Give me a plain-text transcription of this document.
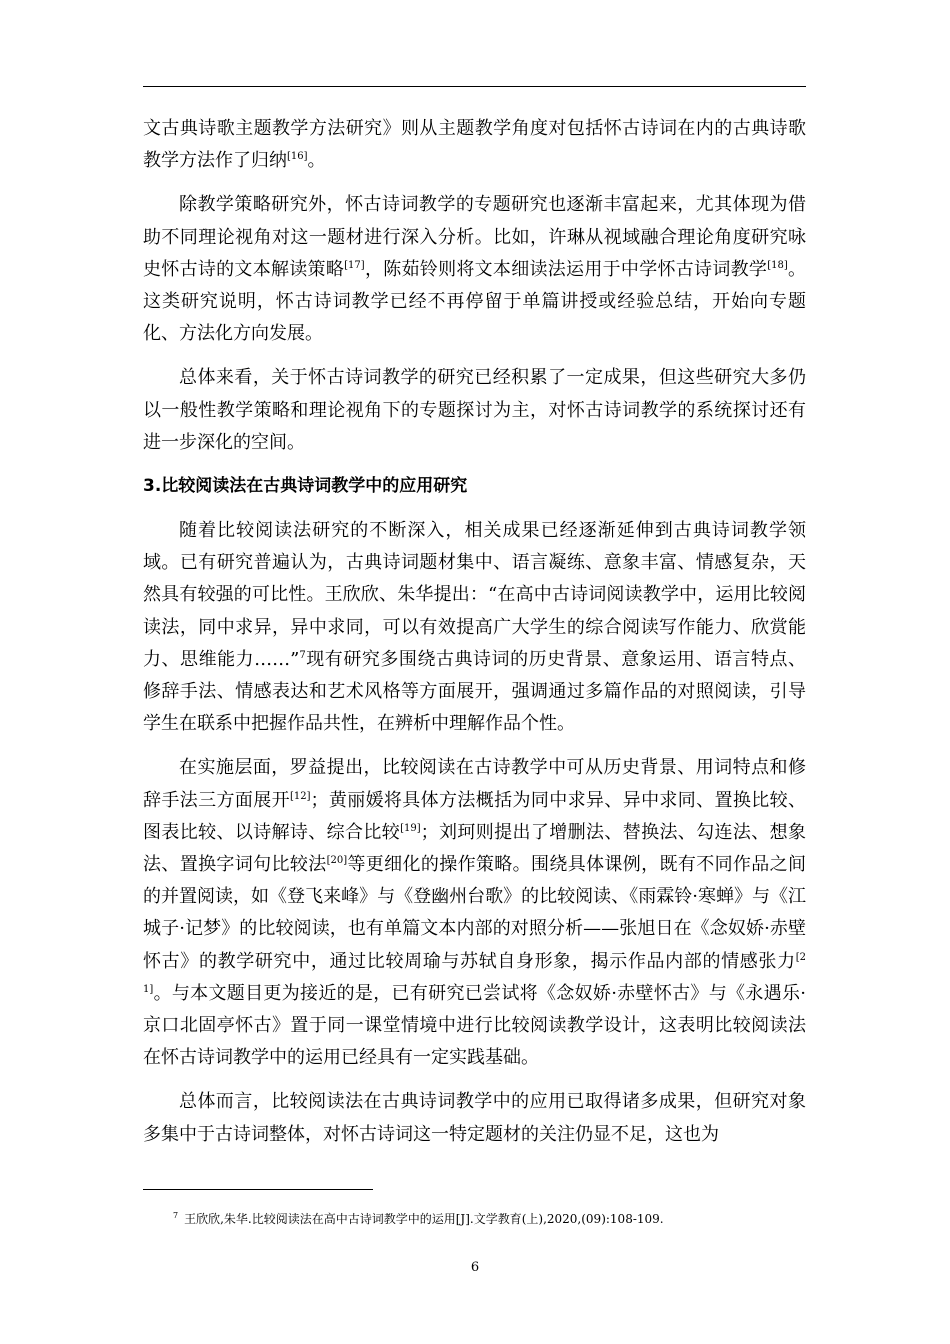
文古典诗歌主题教学方法研究》则从主题教学角度对包括怀古诗词在内的古典诗歌教学方法作了归纳[16]。

除教学策略研究外，怀古诗词教学的专题研究也逐渐丰富起来，尤其体现为借助不同理论视角对这一题材进行深入分析。比如，许琳从视域融合理论角度研究咏史怀古诗的文本解读策略[17]，陈茹铃则将文本细读法运用于中学怀古诗词教学[18]。这类研究说明，怀古诗词教学已经不再停留于单篇讲授或经验总结，开始向专题化、方法化方向发展。

总体来看，关于怀古诗词教学的研究已经积累了一定成果，但这些研究大多仍以一般性教学策略和理论视角下的专题探讨为主，对怀古诗词教学的系统探讨还有进一步深化的空间。

3.比较阅读法在古典诗词教学中的应用研究

随着比较阅读法研究的不断深入，相关成果已经逐渐延伸到古典诗词教学领域。已有研究普遍认为，古典诗词题材集中、语言凝练、意象丰富、情感复杂，天然具有较强的可比性。王欣欣、朱华提出：“在高中古诗词阅读教学中，运用比较阅读法，同中求异，异中求同，可以有效提高广大学生的综合阅读写作能力、欣赏能力、思维能力……”$^7$现有研究多围绕古典诗词的历史背景、意象运用、语言特点、修辞手法、情感表达和艺术风格等方面展开，强调通过多篇作品的对照阅读，引导学生在联系中把握作品共性，在辨析中理解作品个性。

在实施层面，罗益提出，比较阅读在古诗教学中可从历史背景、用词特点和修辞手法三方面展开[12]；黄丽媛将具体方法概括为同中求异、异中求同、置换比较、图表比较、以诗解诗、综合比较[19]；刘珂则提出了增删法、替换法、勾连法、想象法、置换字词句比较法[20]等更细化的操作策略。围绕具体课例，既有不同作品之间的并置阅读，如《登飞来峰》与《登幽州台歌》的比较阅读、《雨霖铃·寒蝉》与《江城子·记梦》的比较阅读，也有单篇文本内部的对照分析——张旭日在《念奴娇·赤壁怀古》的教学研究中，通过比较周瑜与苏轼自身形象，揭示作品内部的情感张力[21]。与本文题目更为接近的是，已有研究已尝试将《念奴娇·赤壁怀古》与《永遇乐·京口北固亭怀古》置于同一课堂情境中进行比较阅读教学设计，这表明比较阅读法在怀古诗词教学中的运用已经具有一定实践基础。

总体而言，比较阅读法在古典诗词教学中的应用已取得诸多成果，但研究对象多集中于古诗词整体，对怀古诗词这一特定题材的关注仍显不足，这也为

$^7$ 王欣欣,朱华.比较阅读法在高中古诗词教学中的运用[J].文学教育(上),2020,(09):108-109.
6
